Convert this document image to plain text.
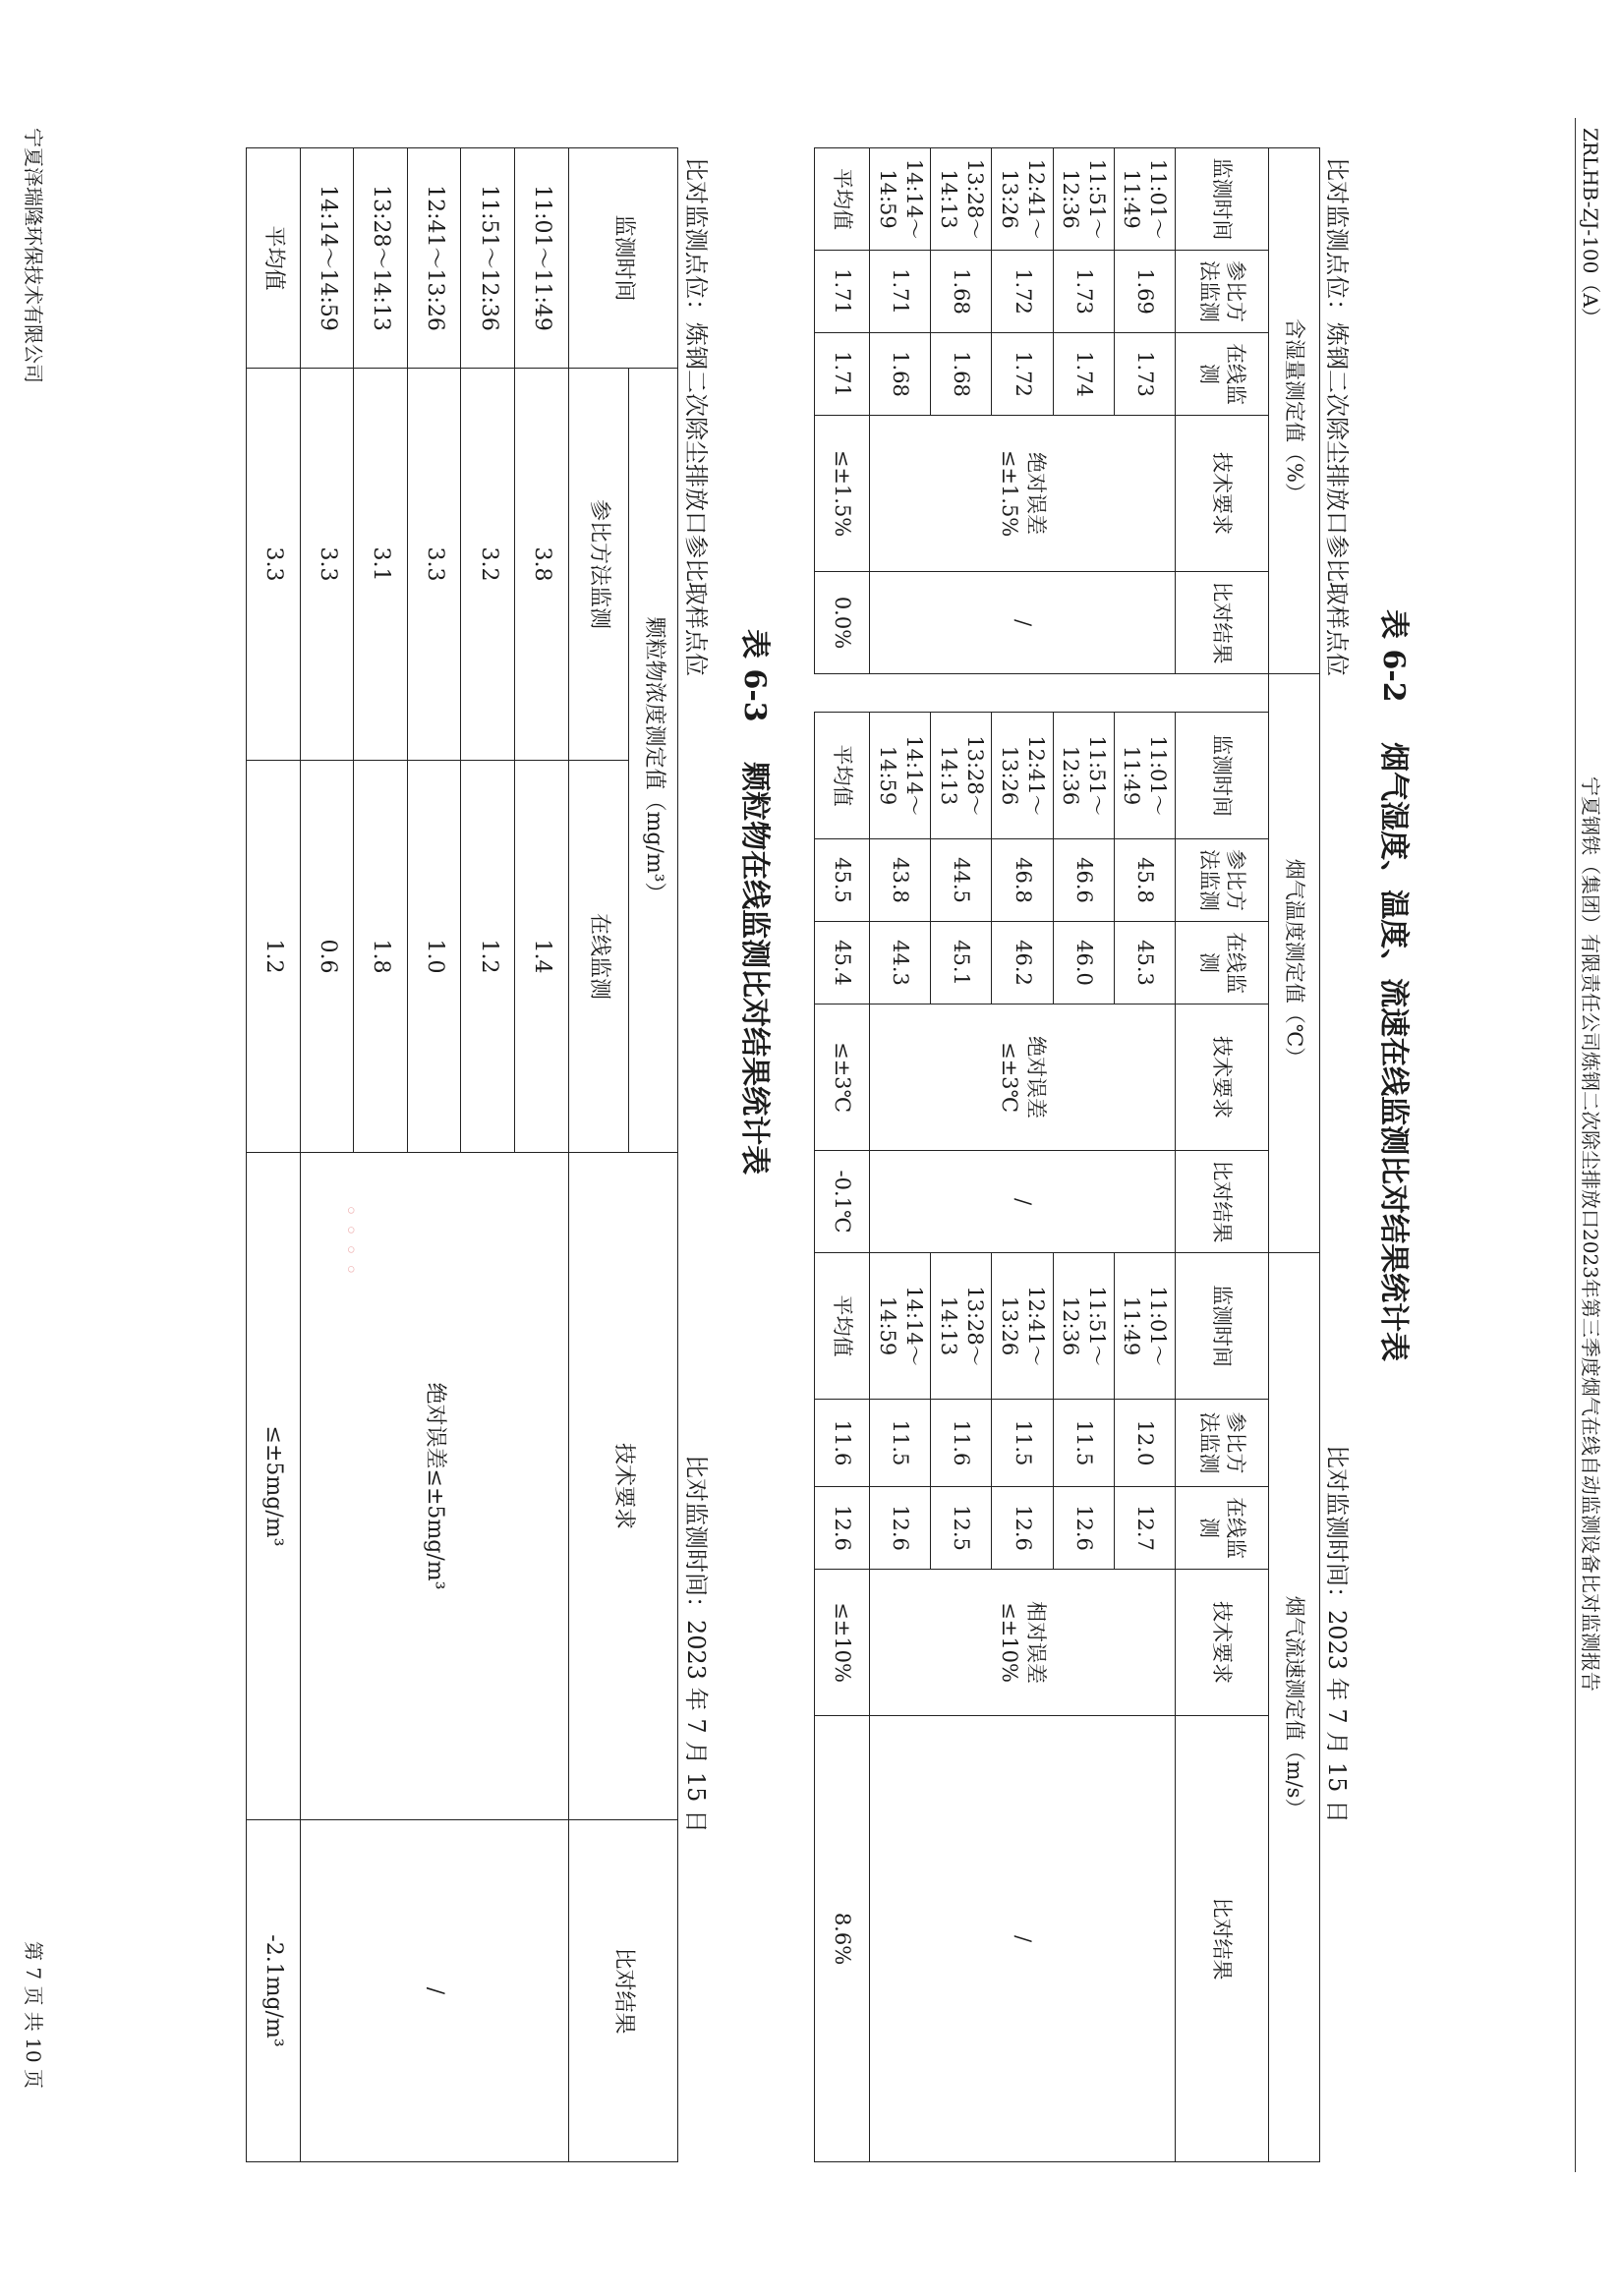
ZRLHB-ZJ-100（A）
宁夏钢铁（集团）有限责任公司炼钢二次除尘排放口2023年第三季度烟气在线自动监测设备比对监测报告
表 6-2　 烟气湿度、温度、流速在线监测比对结果统计表
比对监测点位：炼钢二次除尘排放口参比取样点位
比对监测时间：2023 年 7 月 15 日
含湿量测定值（%）					烟气温度测定值（℃）						烟气流速测定值（m/s）				
监测时间	参比方法监测	在线监测	技术要求	比对结果		监测时间	参比方法监测	在线监测	技术要求	比对结果	监测时间	参比方法监测	在线监测	技术要求	比对结果
11:01～11:49	1.69	1.73	绝对误差≤±1.5%	/		11:01～11:49	45.8	45.3	绝对误差≤±3℃	/	11:01～11:49	12.0	12.7	相对误差≤±10%	/
11:51～12:36	1.73	1.74				11:51～12:36	46.6	46.0			11:51～12:36	11.5	12.6		
12:41～13:26	1.72	1.72				12:41～13:26	46.8	46.2			12:41～13:26	11.5	12.6		
13:28～14:13	1.68	1.68				13:28～14:13	44.5	45.1			13:28～14:13	11.6	12.5		
14:14～14:59	1.71	1.68				14:14～14:59	43.8	44.3			14:14～14:59	11.5	12.6		
平均值	1.71	1.71	≤±1.5%	0.0%		平均值	45.5	45.4	≤±3℃	-0.1℃	平均值	11.6	12.6	≤±10%	8.6%
表 6-3　 颗粒物在线监测比对结果统计表
比对监测点位：炼钢二次除尘排放口参比取样点位
比对监测时间：2023 年 7 月 15 日
监测时间	颗粒物浓度测定值（mg/m³）		技术要求	比对结果
	参比方法监测	在线监测		
11:01～11:49	3.8	1.4	绝对误差≤±5mg/m³	/
11:51～12:36	3.2	1.2		
12:41～13:26	3.3	1.0		
13:28～14:13	3.1	1.8		
14:14～14:59	3.3	0.6		
平均值	3.3	1.2	≤±5mg/m³	-2.1mg/m³
◦ ◦ ◦ ◦
宁夏泽瑞隆环保技术有限公司
第 7 页 共 10 页
